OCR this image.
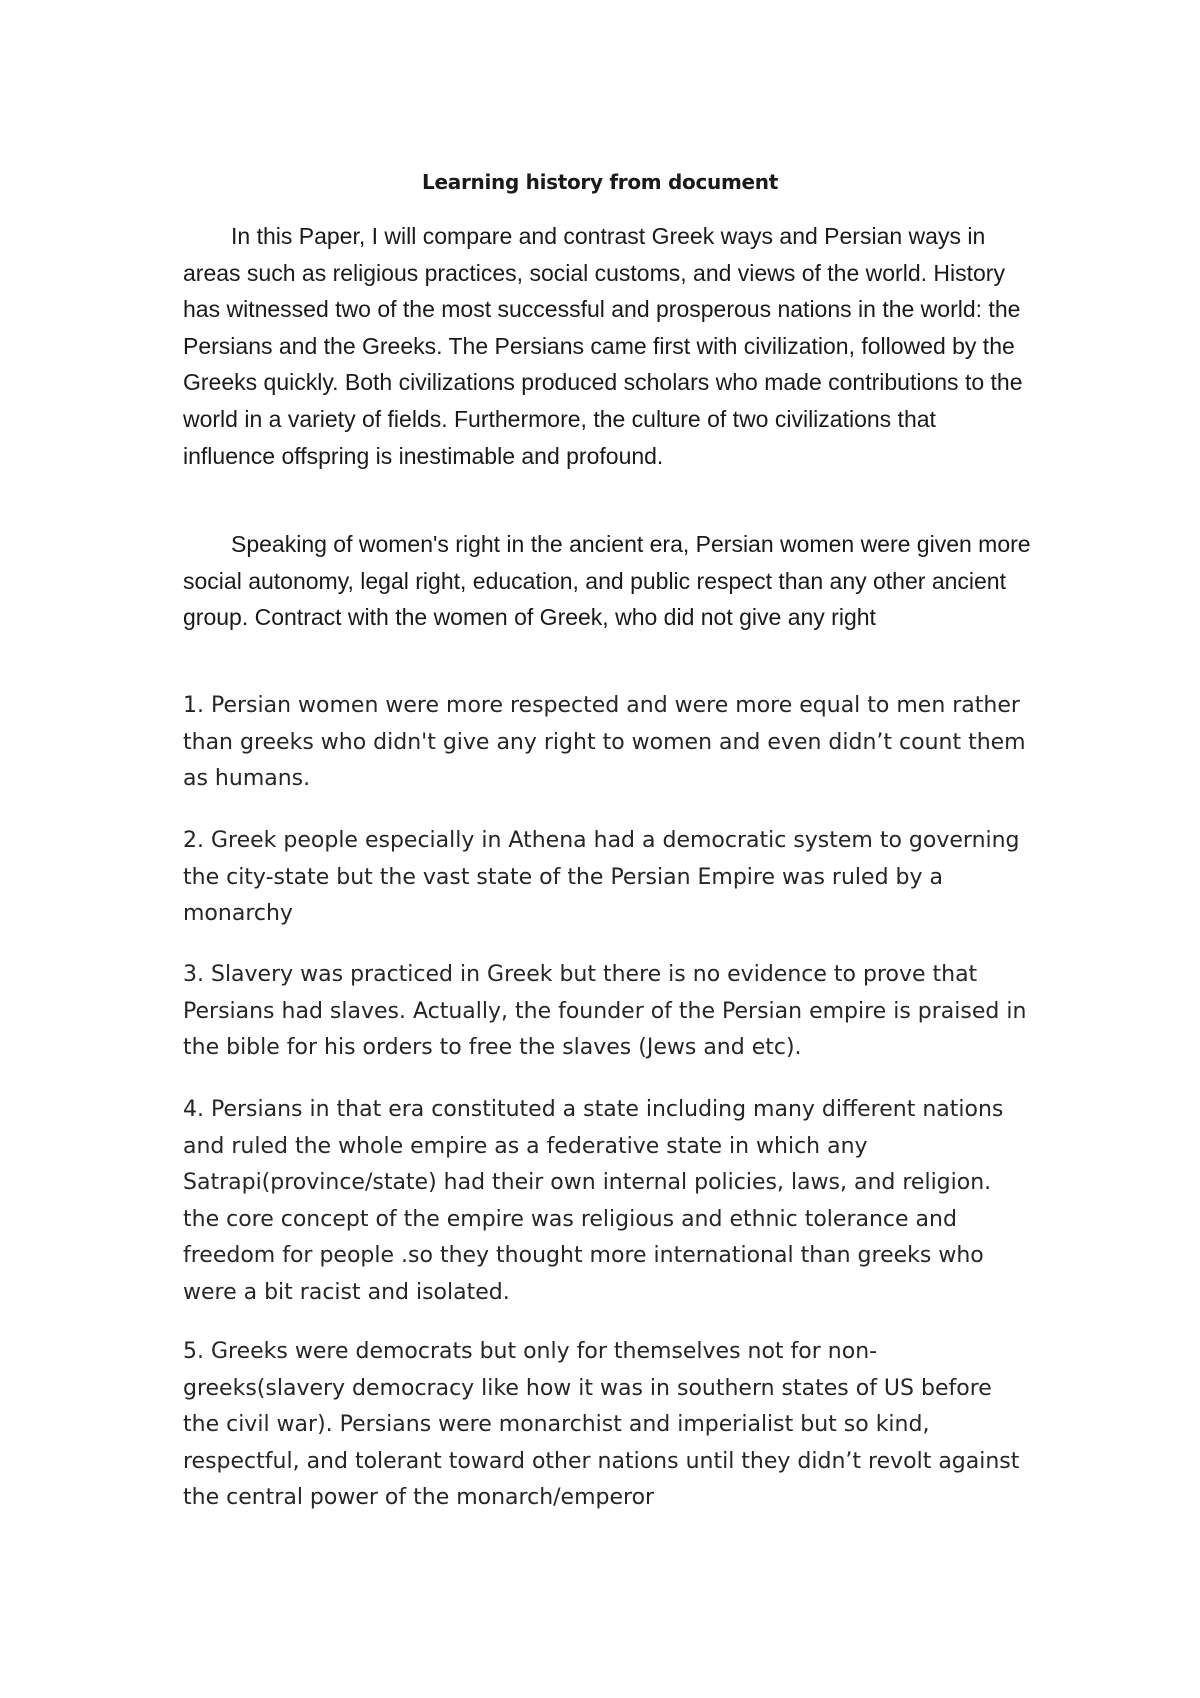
Learning history from document

In this Paper, I will compare and contrast Greek ways and Persian ways in areas such as religious practices, social customs, and views of the world. History has witnessed two of the most successful and prosperous nations in the world: the Persians and the Greeks. The Persians came first with civilization, followed by the Greeks quickly. Both civilizations produced scholars who made contributions to the world in a variety of fields. Furthermore, the culture of two civilizations that influence offspring is inestimable and profound.

Speaking of women's right in the ancient era, Persian women were given more social autonomy, legal right, education, and public respect than any other ancient group. Contract with the women of Greek, who did not give any right

1. Persian women were more respected and were more equal to men rather than greeks who didn't give any right to women and even didn’t count them as humans.

2. Greek people especially in Athena had a democratic system to governing the city-state but the vast state of the Persian Empire was ruled by a monarchy

3. Slavery was practiced in Greek but there is no evidence to prove that Persians had slaves. Actually, the founder of the Persian empire is praised in the bible for his orders to free the slaves (Jews and etc).

4. Persians in that era constituted a state including many different nations and ruled the whole empire as a federative state in which any Satrapi(province/state) had their own internal policies, laws, and religion. the core concept of the empire was religious and ethnic tolerance and freedom for people .so they thought more international than greeks who were a bit racist and isolated.

5. Greeks were democrats but only for themselves not for non-greeks(slavery democracy like how it was in southern states of US before the civil war). Persians were monarchist and imperialist but so kind, respectful, and tolerant toward other nations until they didn’t revolt against the central power of the monarch/emperor
